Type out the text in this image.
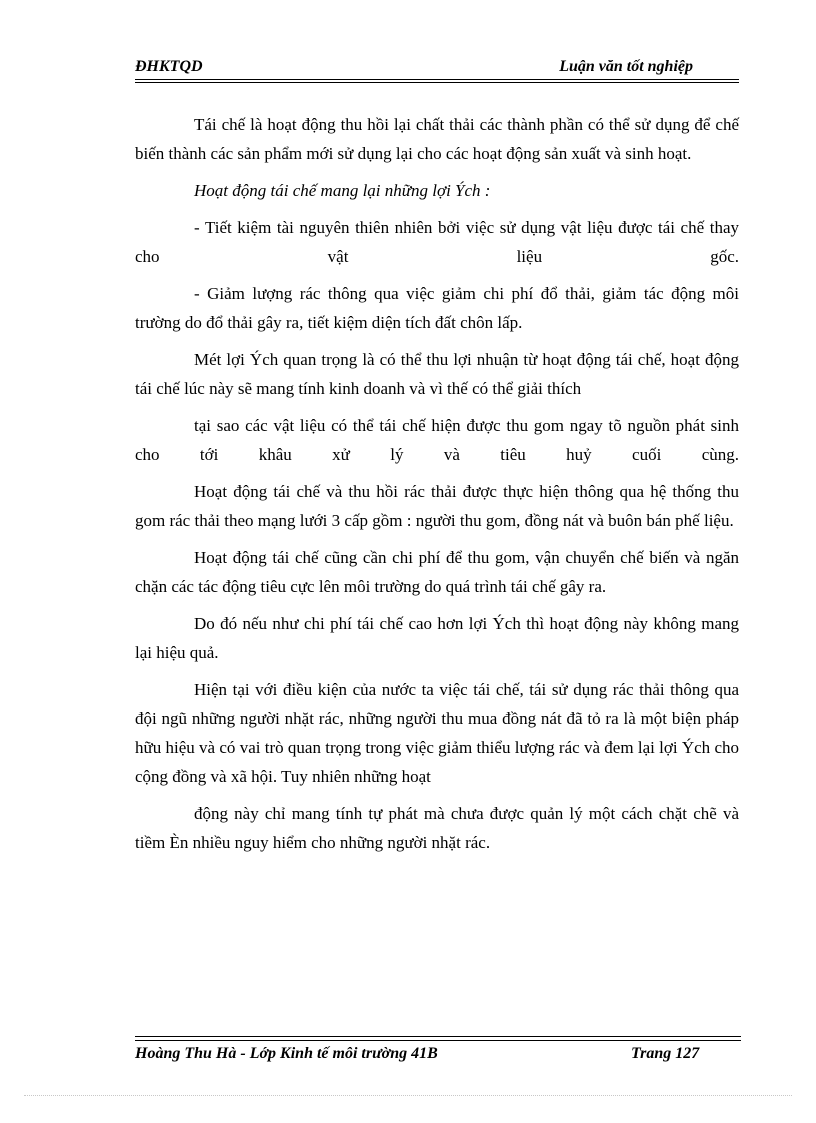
ĐHKTQD	Luận văn tốt nghiệp

Tái chế là hoạt động thu hồi lại chất thải các thành phần có thể sử dụng để chế biến thành các sản phẩm mới sử dụng lại cho các hoạt động sản xuất và sinh hoạt.

Hoạt động tái chế mang lại những lợi Ých :

- Tiết kiệm tài nguyên thiên nhiên bởi việc sử dụng vật liệu được tái chế thay cho vật liệu gốc.

- Giảm lượng rác thông qua việc giảm chi phí đổ thải, giảm tác động môi trường do đổ thải gây ra, tiết kiệm diện tích đất chôn lấp.

Mét lợi Ých quan trọng là có thể thu lợi nhuận từ hoạt động tái chế, hoạt động tái chế lúc này sẽ mang tính kinh doanh và vì thế có thể giải thích

tại sao các vật liệu có thể tái chế hiện được thu gom ngay tõ nguồn phát sinh cho tới khâu xử lý và tiêu huỷ cuối cùng.

Hoạt động tái chế và thu hồi rác thải được thực hiện thông qua hệ thống thu gom rác thải theo mạng lưới 3 cấp gồm : người thu gom, đồng nát và buôn bán phế liệu.

Hoạt động tái chế cũng cần chi phí để thu gom, vận chuyển chế biến và ngăn chặn các tác động tiêu cực lên môi trường do quá trình tái chế gây ra.

Do đó nếu như chi phí tái chế cao hơn lợi Ých thì hoạt động này không mang lại hiệu quả.

Hiện tại với điều kiện của nước ta việc tái chế, tái sử dụng rác thải thông qua đội ngũ những người nhặt rác, những người thu mua đồng nát đã tỏ ra là một biện pháp hữu hiệu và có vai trò quan trọng trong việc giảm thiểu lượng rác và đem lại lợi Ých cho cộng đồng và xã hội. Tuy nhiên những hoạt

động này chỉ mang tính tự phát mà chưa được quản lý một cách chặt chẽ và tiềm Èn nhiều nguy hiểm cho những người nhặt rác.

Hoàng Thu Hà - Lớp Kinh tế môi trường 41B	Trang 127
